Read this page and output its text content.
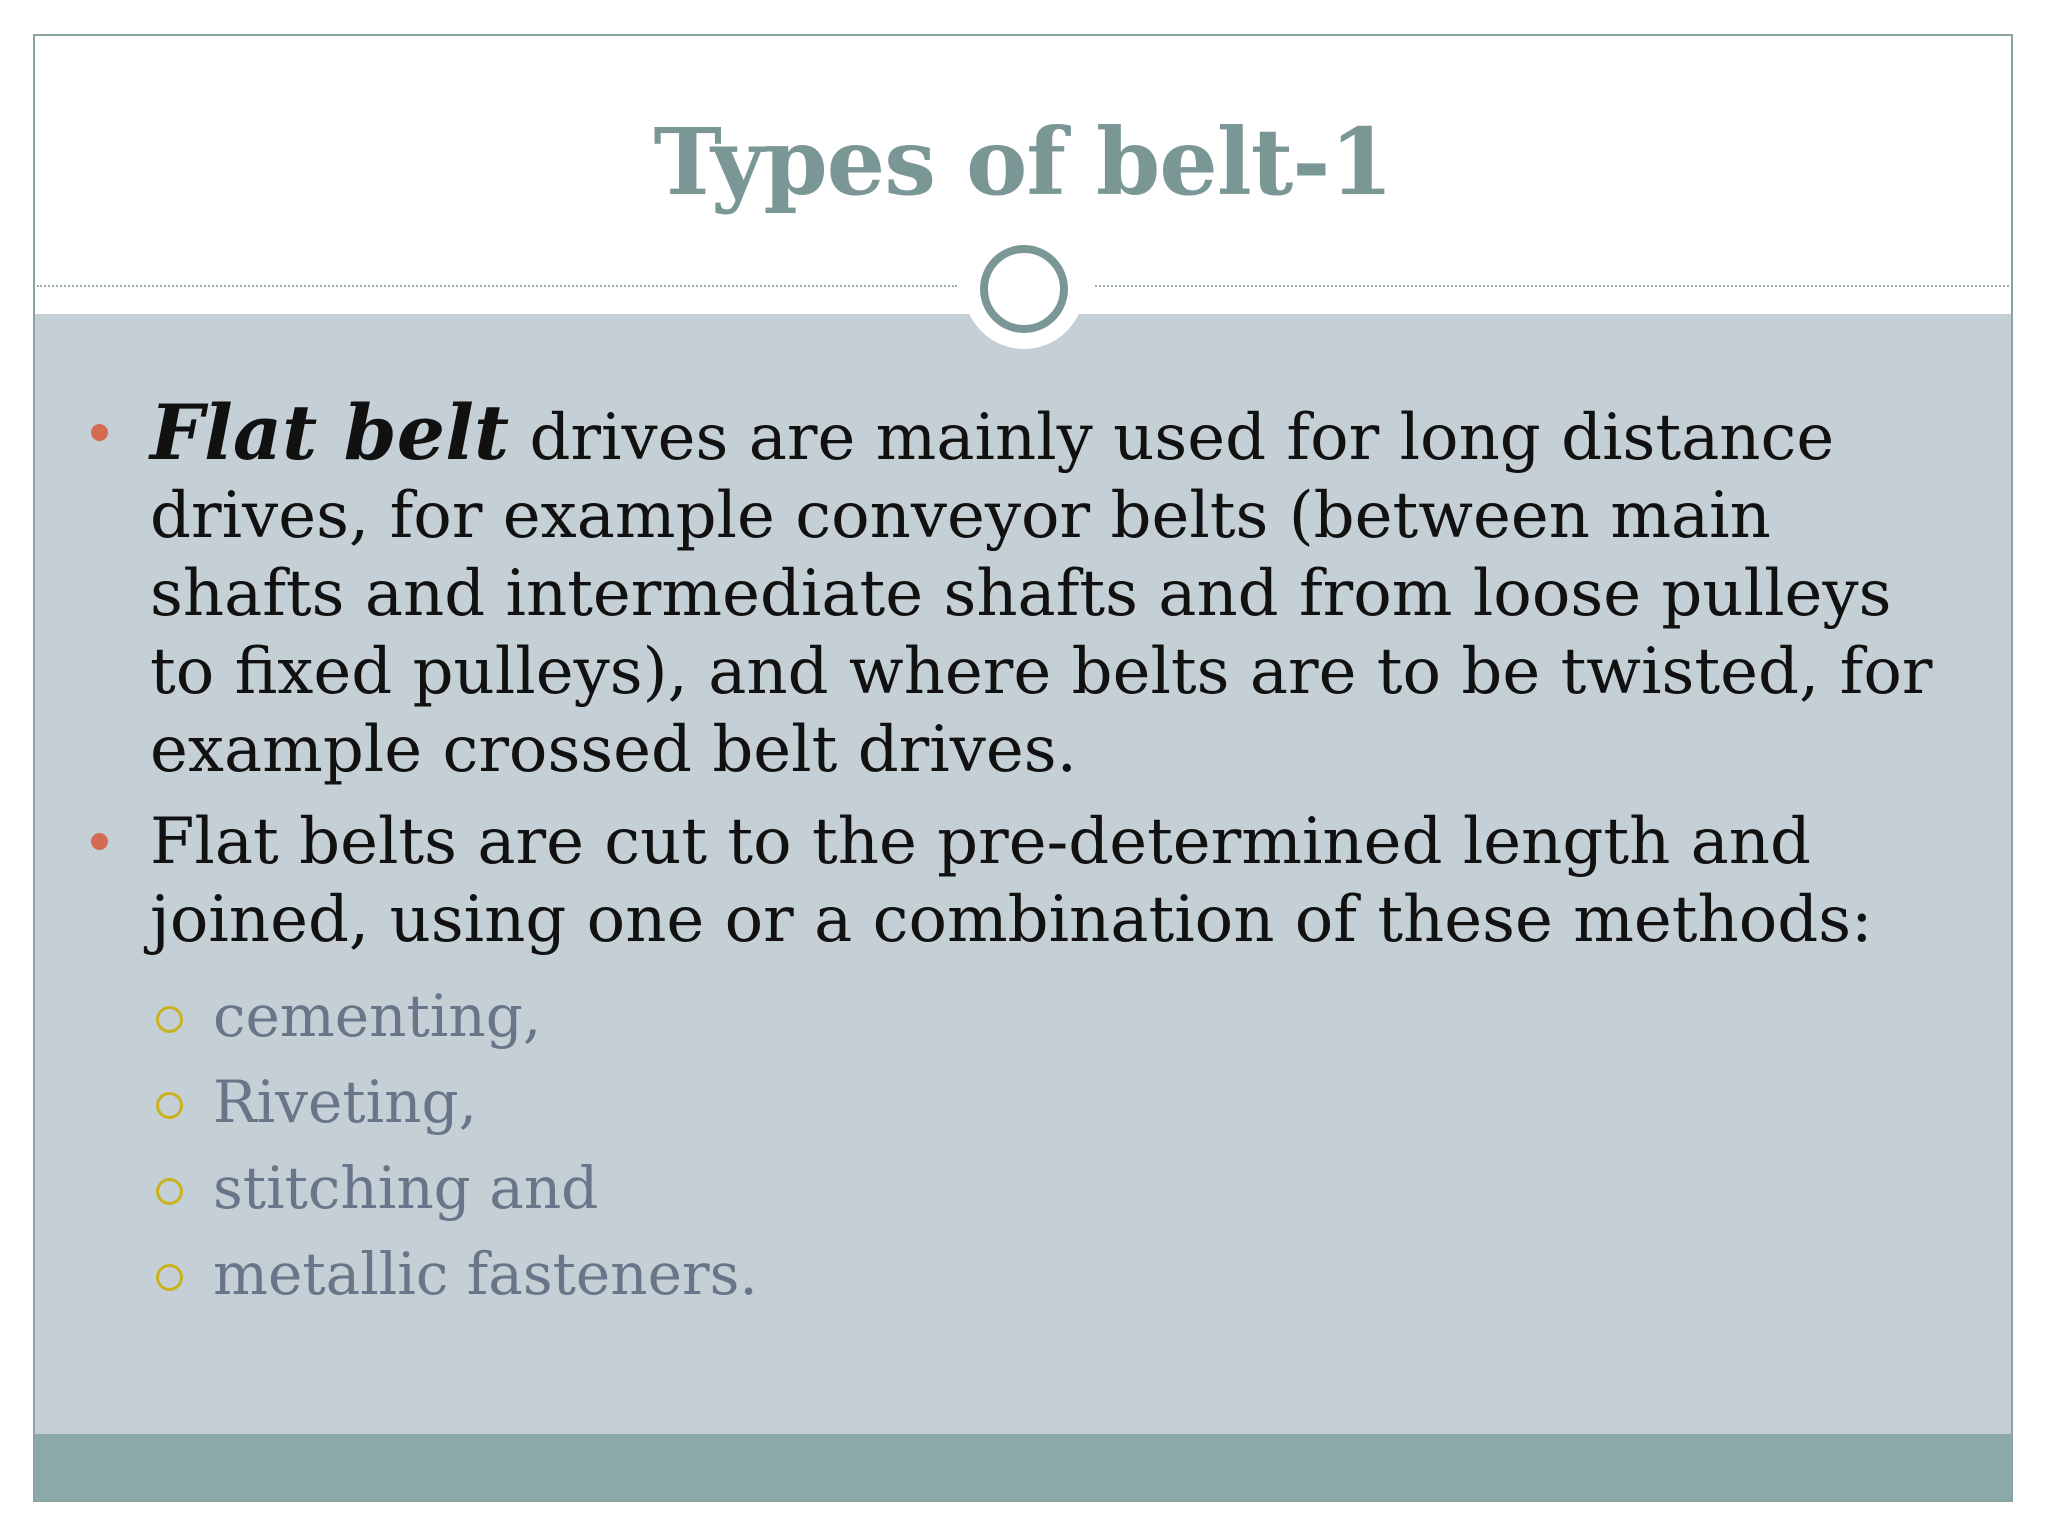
Types of belt-1
Flat belt drives are mainly used for long distance drives, for example conveyor belts (between main shafts and intermediate shafts and from loose pulleys to fixed pulleys), and where belts are to be twisted, for example crossed belt drives.
Flat belts are cut to the pre-determined length and joined, using one or a combination of these methods:
cementing,
Riveting,
stitching and
metallic fasteners.
